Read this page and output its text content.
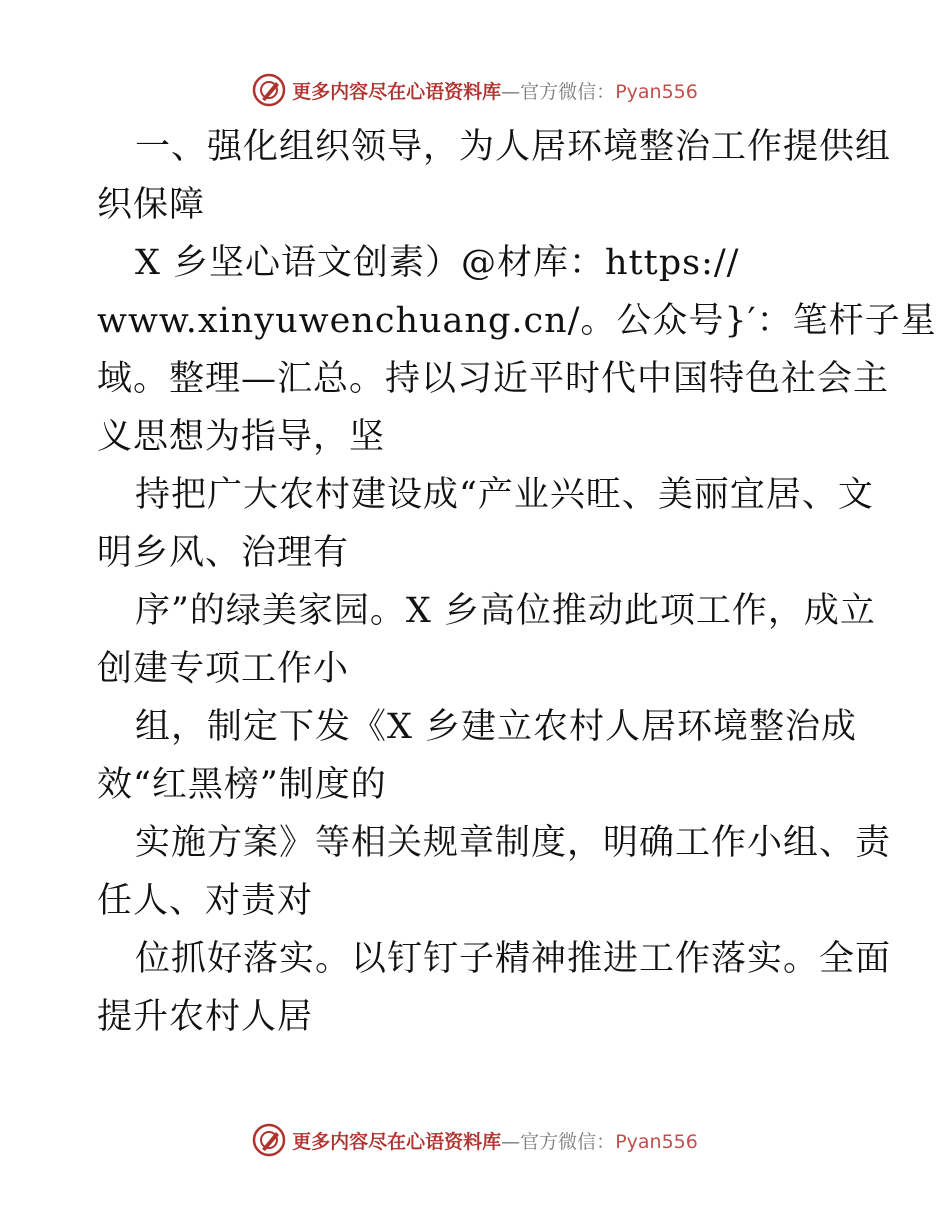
更多内容尽在心语资料库—官方微信：Pyan556
一、强化组织领导，为人居环境整治工作提供组
织保障
X 乡坚心语文创素）@材库：https://
www.xinyuwenchuang.cn/。公众号}′：笔杆子星
域。整理—汇总。持以习近平时代中国特色社会主
义思想为指导，坚
持把广大农村建设成“产业兴旺、美丽宜居、文
明乡风、治理有
序”的绿美家园。X 乡高位推动此项工作，成立
创建专项工作小
组，制定下发《X 乡建立农村人居环境整治成
效“红黑榜”制度的
实施方案》等相关规章制度，明确工作小组、责
任人、对责对
位抓好落实。以钉钉子精神推进工作落实。全面
提升农村人居
更多内容尽在心语资料库—官方微信：Pyan556
